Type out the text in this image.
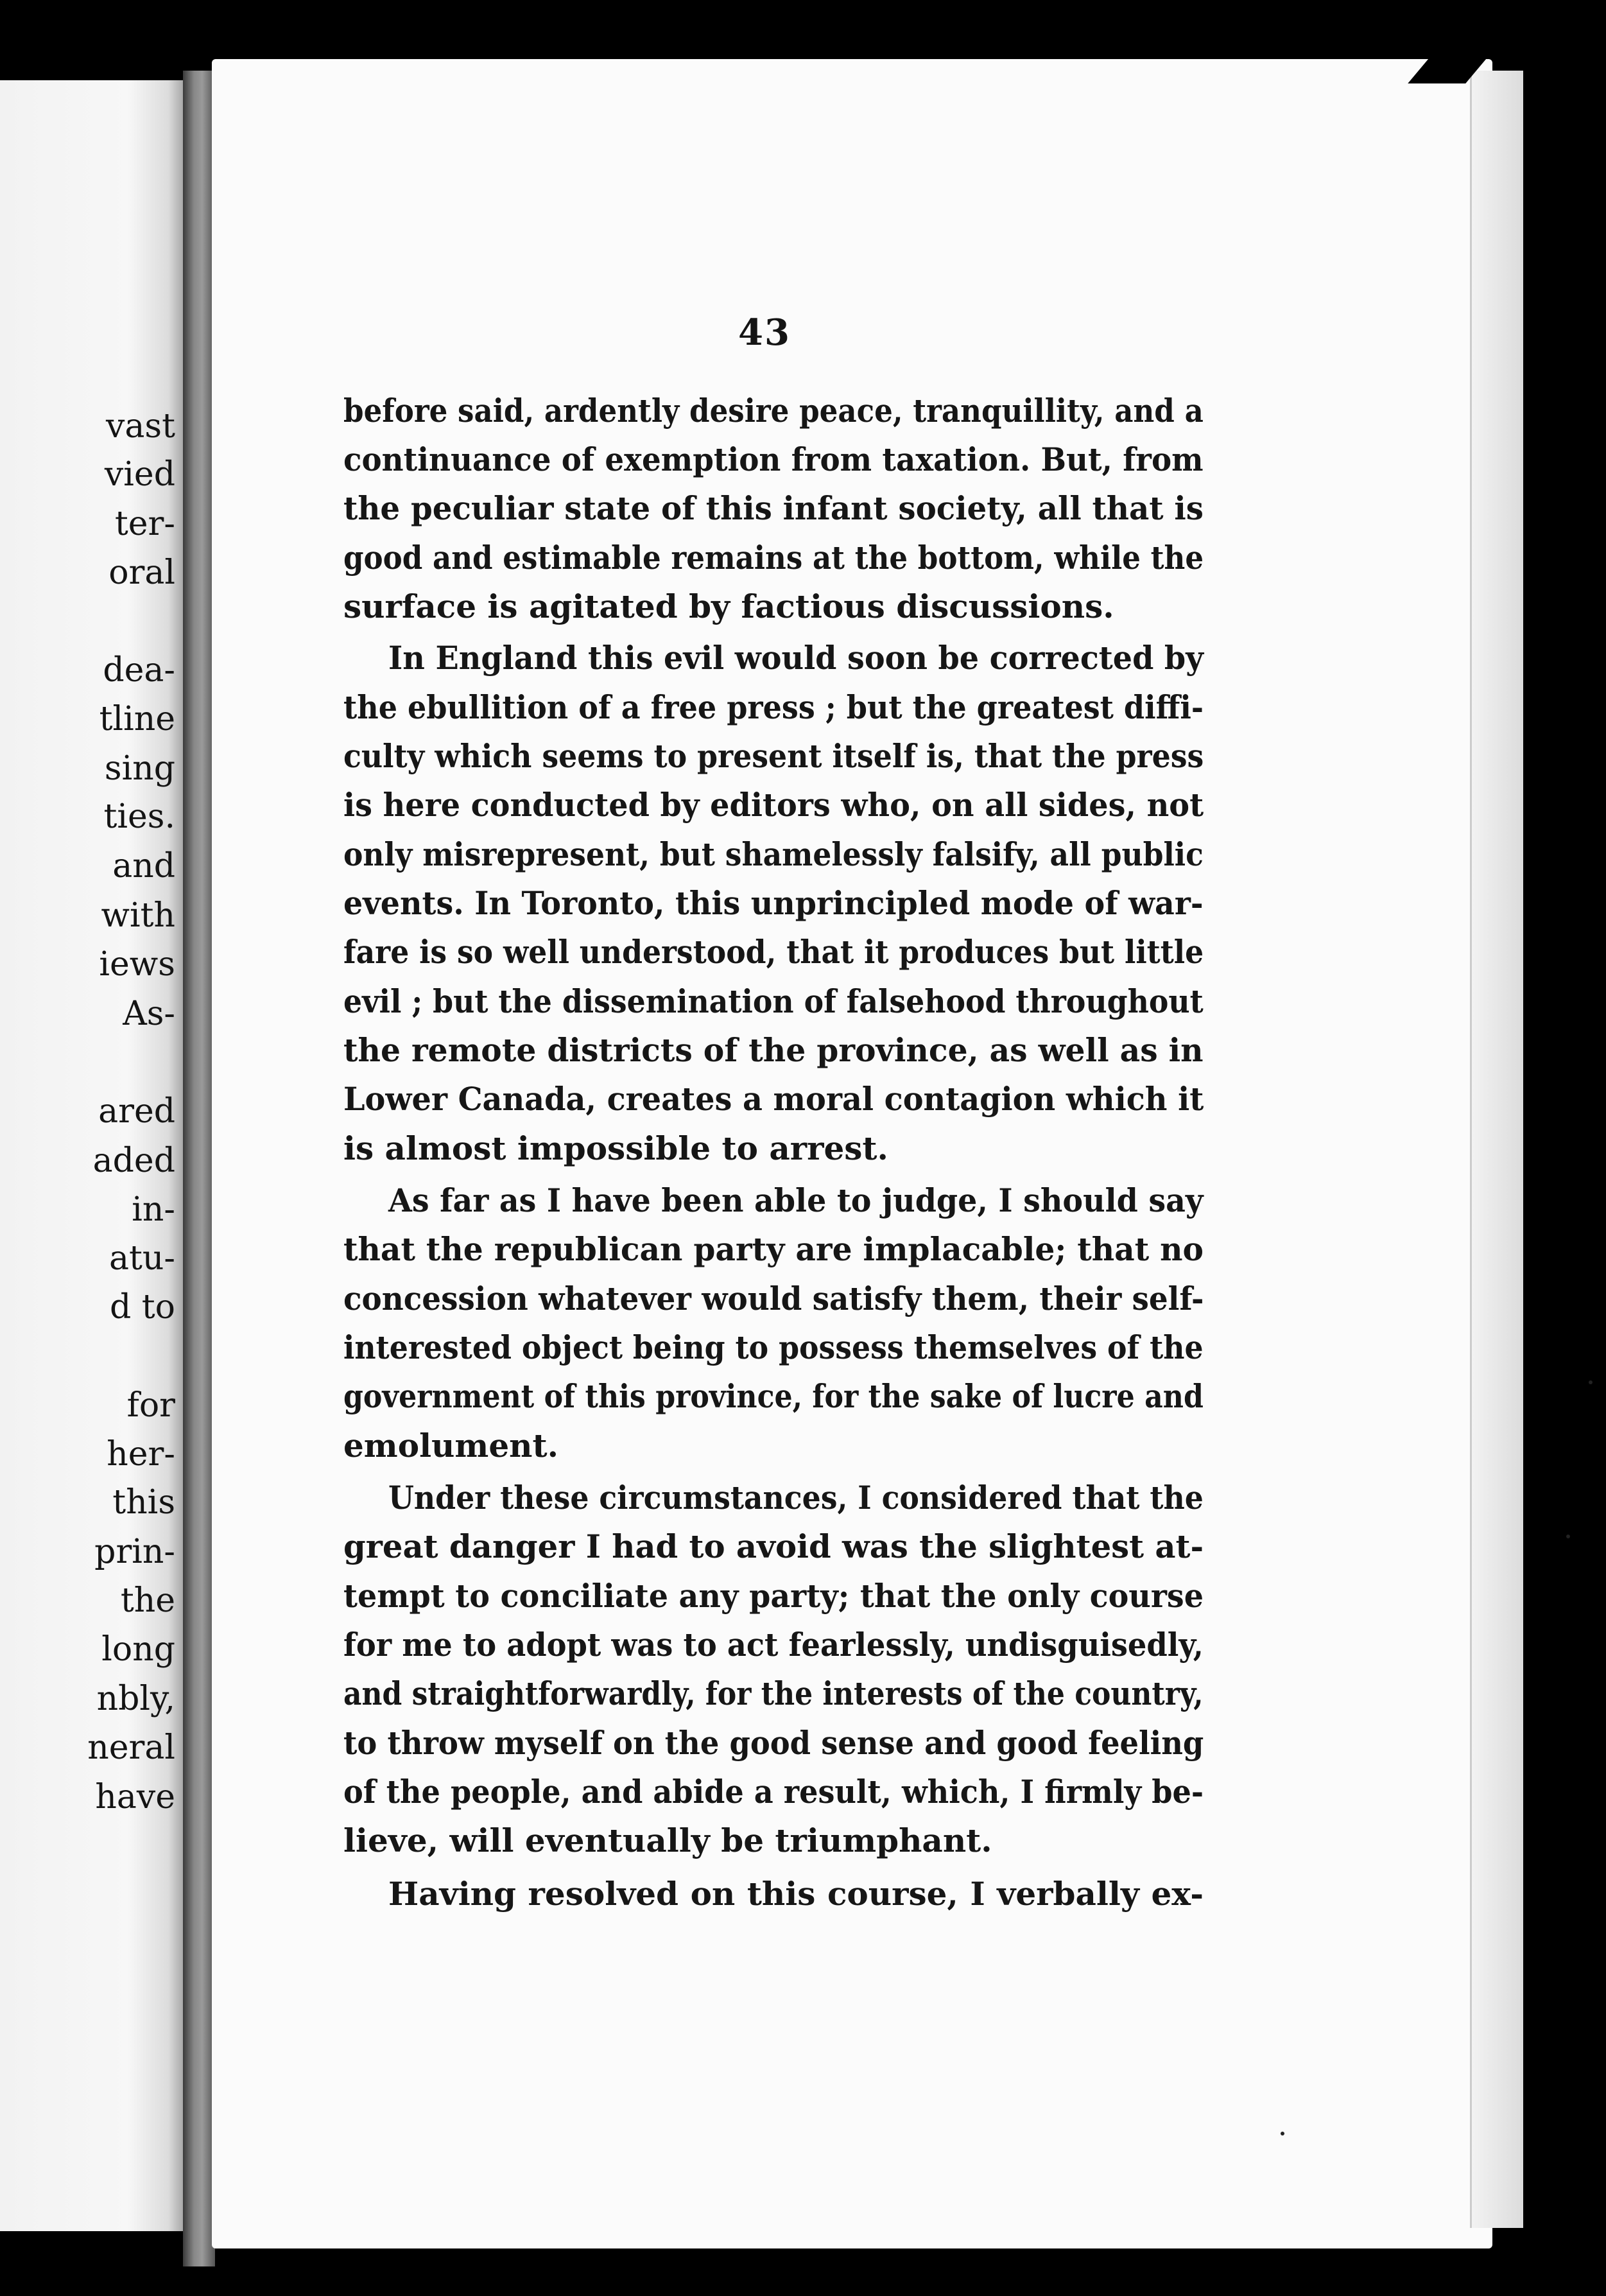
vast
vied
ter-
oral
dea-
tline
sing
ties.
and
with
iews
As-
ared
aded
in-
atu-
d to
for
her-
this
prin-
the
long
nbly,
neral
have
43
before said, ardently desire peace, tranquillity, and a
continuance of exemption from taxation. But, from
the peculiar state of this infant society, all that is
good and estimable remains at the bottom, while the
surface is agitated by factious discussions.
In England this evil would soon be corrected by
the ebullition of a free press ; but the greatest diffi-
culty which seems to present itself is, that the press
is here conducted by editors who, on all sides, not
only misrepresent, but shamelessly falsify, all public
events. In Toronto, this unprincipled mode of war-
fare is so well understood, that it produces but little
evil ; but the dissemination of falsehood throughout
the remote districts of the province, as well as in
Lower Canada, creates a moral contagion which it
is almost impossible to arrest.
As far as I have been able to judge, I should say
that the republican party are implacable; that no
concession whatever would satisfy them, their self-
interested object being to possess themselves of the
government of this province, for the sake of lucre and
emolument.
Under these circumstances, I considered that the
great danger I had to avoid was the slightest at-
tempt to conciliate any party; that the only course
for me to adopt was to act fearlessly, undisguisedly,
and straightforwardly, for the interests of the country,
to throw myself on the good sense and good feeling
of the people, and abide a result, which, I firmly be-
lieve, will eventually be triumphant.
Having resolved on this course, I verbally ex-
